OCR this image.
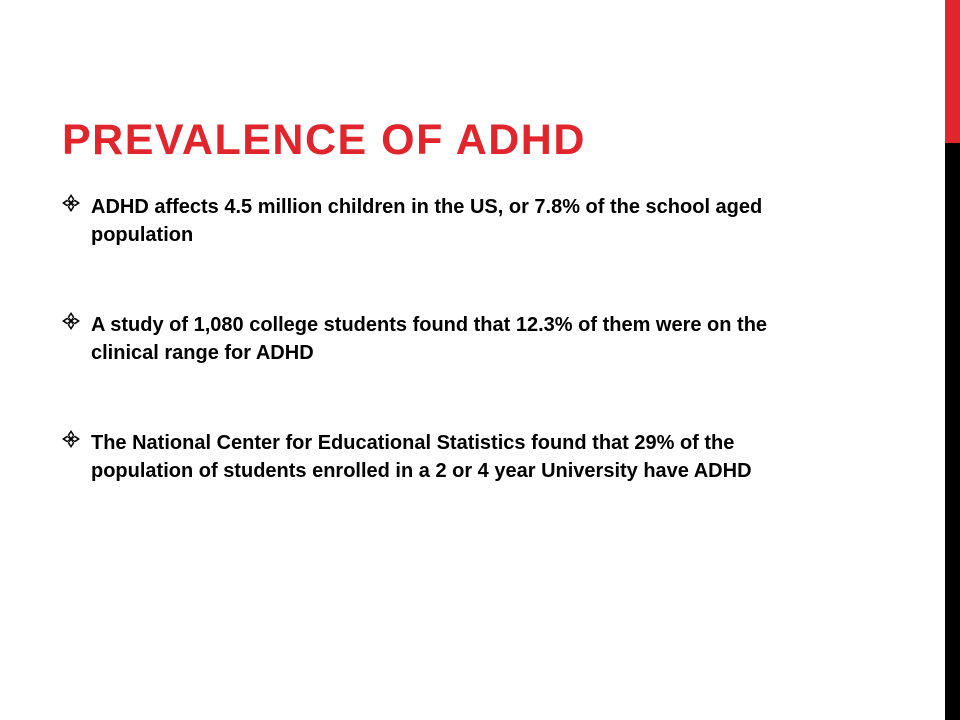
PREVALENCE OF ADHD
ADHD affects 4.5 million children in the US, or 7.8% of the school aged population
A study of 1,080 college students found that 12.3% of them were on the clinical range for ADHD
The National Center for Educational Statistics found that 29% of the population of students enrolled in a 2 or 4 year University have ADHD
